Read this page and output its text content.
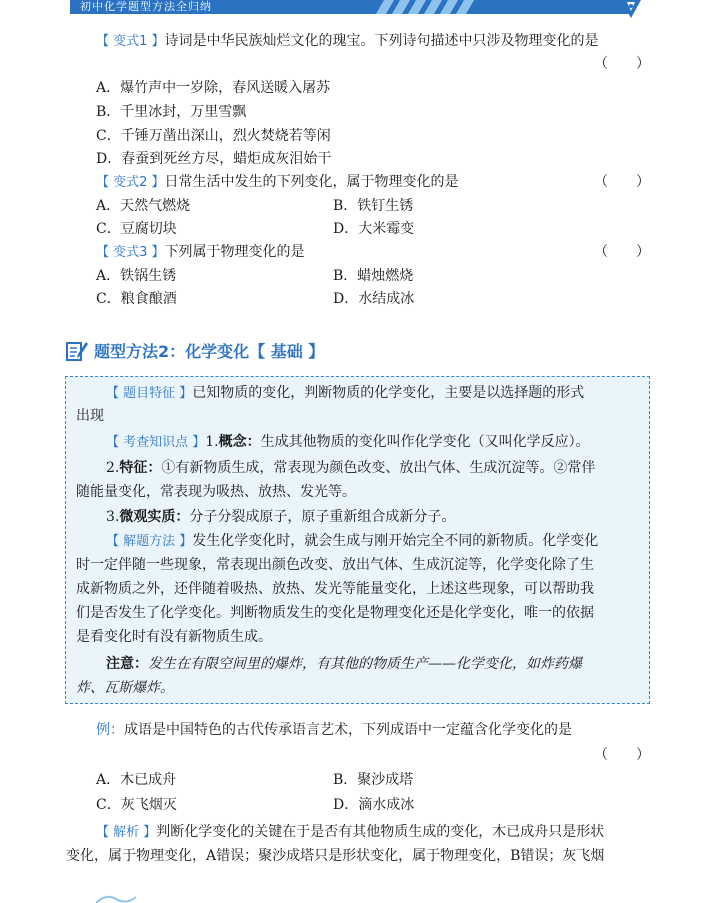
初中化学题型方法全归纳
【 变式1 】诗词是中华民族灿烂文化的瑰宝。下列诗句描述中只涉及物理变化的是
（　　）
A．爆竹声中一岁除，春风送暖入屠苏
B．千里冰封，万里雪飘
C．千锤万凿出深山，烈火焚烧若等闲
D．春蚕到死丝方尽，蜡炬成灰泪始干
【 变式2 】日常生活中发生的下列变化，属于物理变化的是	（　　）
A．天然气燃烧	B．铁钉生锈
C．豆腐切块	D．大米霉变
【 变式3 】下列属于物理变化的是	（　　）
A．铁锅生锈	B．蜡烛燃烧
C．粮食酿酒	D．水结成冰
题型方法2：化学变化【 基础 】
【 题目特征 】已知物质的变化，判断物质的化学变化，主要是以选择题的形式
出现
【 考查知识点 】1.概念：生成其他物质的变化叫作化学变化（又叫化学反应）。
2.特征：①有新物质生成，常表现为颜色改变、放出气体、生成沉淀等。②常伴
随能量变化，常表现为吸热、放热、发光等。
3.微观实质：分子分裂成原子，原子重新组合成新分子。
【 解题方法 】发生化学变化时，就会生成与刚开始完全不同的新物质。化学变化
时一定伴随一些现象，常表现出颜色改变、放出气体、生成沉淀等，化学变化除了生
成新物质之外，还伴随着吸热、放热、发光等能量变化，上述这些现象，可以帮助我
们是否发生了化学变化。判断物质发生的变化是物理变化还是化学变化，唯一的依据
是看变化时有没有新物质生成。
注意：发生在有限空间里的爆炸，有其他的物质生产——化学变化，如炸药爆
炸、瓦斯爆炸。
例：成语是中国特色的古代传承语言艺术，下列成语中一定蕴含化学变化的是
（　　）
A．木已成舟	B．聚沙成塔
C．灰飞烟灭	D．滴水成冰
【 解析 】判断化学变化的关键在于是否有其他物质生成的变化，木已成舟只是形状
变化，属于物理变化，A错误；聚沙成塔只是形状变化，属于物理变化，B错误；灰飞烟
